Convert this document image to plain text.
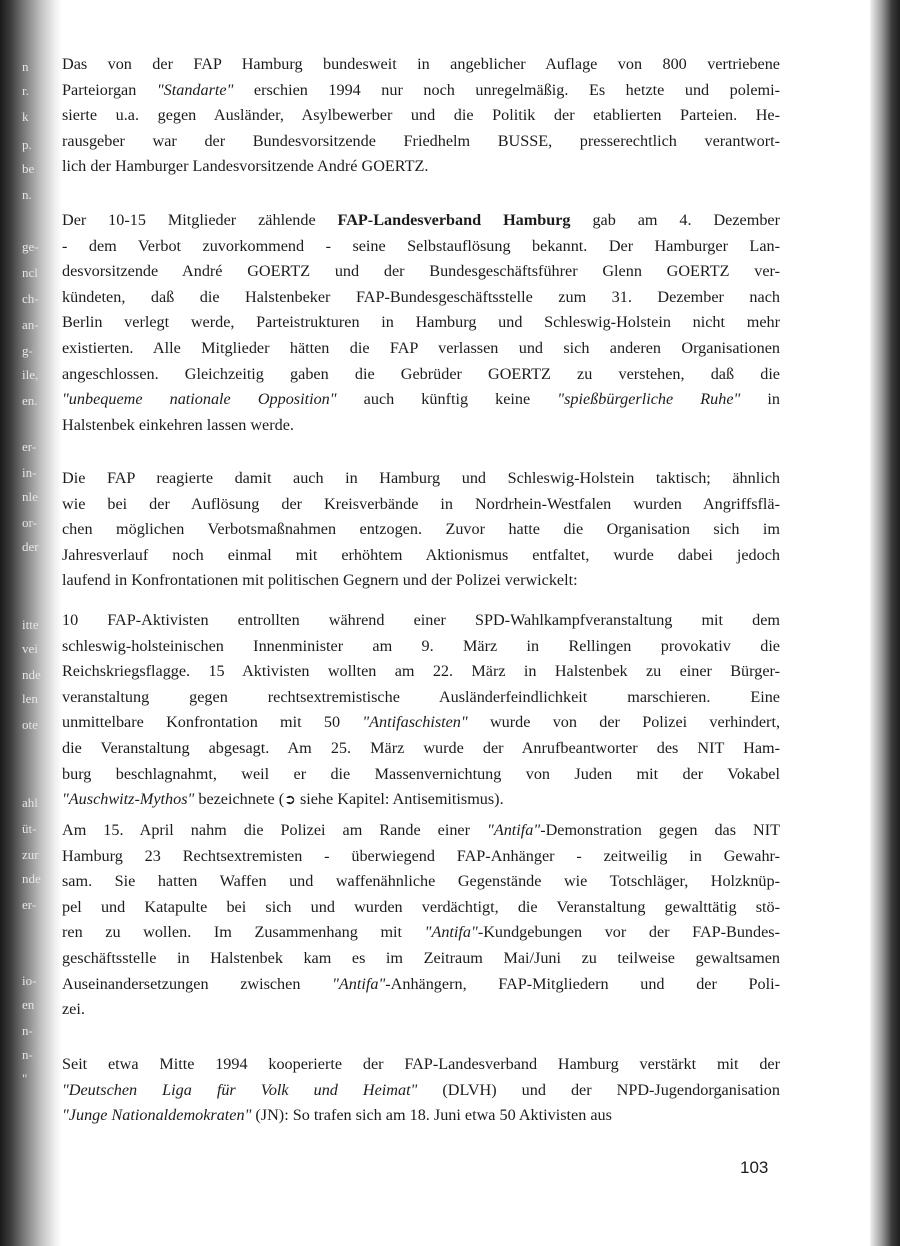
n
r.
k
p.
be
n.
ge-
ncl
ch-
an-
g-
ile,
en.
er-
in-
nle
or-
der
itte
vei
nde
len
ote
ahl
üt-
zur
nde
er-
io-
en
n-
n-
"
Das von der FAP Hamburg bundesweit in angeblicher Auflage von 800 vertriebene
Parteiorgan "Standarte" erschien 1994 nur noch unregelmäßig. Es hetzte und polemi-
sierte u.a. gegen Ausländer, Asylbewerber und die Politik der etablierten Parteien. He-
rausgeber war der Bundesvorsitzende Friedhelm BUSSE, presserechtlich verantwort-
lich der Hamburger Landesvorsitzende André GOERTZ.
Der 10-15 Mitglieder zählende FAP-Landesverband Hamburg gab am 4. Dezember
- dem Verbot zuvorkommend - seine Selbstauflösung bekannt. Der Hamburger Lan-
desvorsitzende André GOERTZ und der Bundesgeschäftsführer Glenn GOERTZ ver-
kündeten, daß die Halstenbeker FAP-Bundesgeschäftsstelle zum 31. Dezember nach
Berlin verlegt werde, Parteistrukturen in Hamburg und Schleswig-Holstein nicht mehr
existierten. Alle Mitglieder hätten die FAP verlassen und sich anderen Organisationen
angeschlossen. Gleichzeitig gaben die Gebrüder GOERTZ zu verstehen, daß die
"unbequeme nationale Opposition" auch künftig keine "spießbürgerliche Ruhe" in
Halstenbek einkehren lassen werde.
Die FAP reagierte damit auch in Hamburg und Schleswig-Holstein taktisch; ähnlich
wie bei der Auflösung der Kreisverbände in Nordrhein-Westfalen wurden Angriffsflä-
chen möglichen Verbotsmaßnahmen entzogen. Zuvor hatte die Organisation sich im
Jahresverlauf noch einmal mit erhöhtem Aktionismus entfaltet, wurde dabei jedoch
laufend in Konfrontationen mit politischen Gegnern und der Polizei verwickelt:
10 FAP-Aktivisten entrollten während einer SPD-Wahlkampfveranstaltung mit dem
schleswig-holsteinischen Innenminister am 9. März in Rellingen provokativ die
Reichskriegsflagge. 15 Aktivisten wollten am 22. März in Halstenbek zu einer Bürger-
veranstaltung gegen rechtsextremistische Ausländerfeindlichkeit marschieren. Eine
unmittelbare Konfrontation mit 50 "Antifaschisten" wurde von der Polizei verhindert,
die Veranstaltung abgesagt. Am 25. März wurde der Anrufbeantworter des NIT Ham-
burg beschlagnahmt, weil er die Massenvernichtung von Juden mit der Vokabel
"Auschwitz-Mythos" bezeichnete (➲ siehe Kapitel: Antisemitismus).
Am 15. April nahm die Polizei am Rande einer "Antifa"-Demonstration gegen das NIT
Hamburg 23 Rechtsextremisten - überwiegend FAP-Anhänger - zeitweilig in Gewahr-
sam. Sie hatten Waffen und waffenähnliche Gegenstände wie Totschläger, Holzknüp-
pel und Katapulte bei sich und wurden verdächtigt, die Veranstaltung gewalttätig stö-
ren zu wollen. Im Zusammenhang mit "Antifa"-Kundgebungen vor der FAP-Bundes-
geschäftsstelle in Halstenbek kam es im Zeitraum Mai/Juni zu teilweise gewaltsamen
Auseinandersetzungen zwischen "Antifa"-Anhängern, FAP-Mitgliedern und der Poli-
zei.
Seit etwa Mitte 1994 kooperierte der FAP-Landesverband Hamburg verstärkt mit der
"Deutschen Liga für Volk und Heimat" (DLVH) und der NPD-Jugendorganisation
"Junge Nationaldemokraten" (JN): So trafen sich am 18. Juni etwa 50 Aktivisten aus
103
